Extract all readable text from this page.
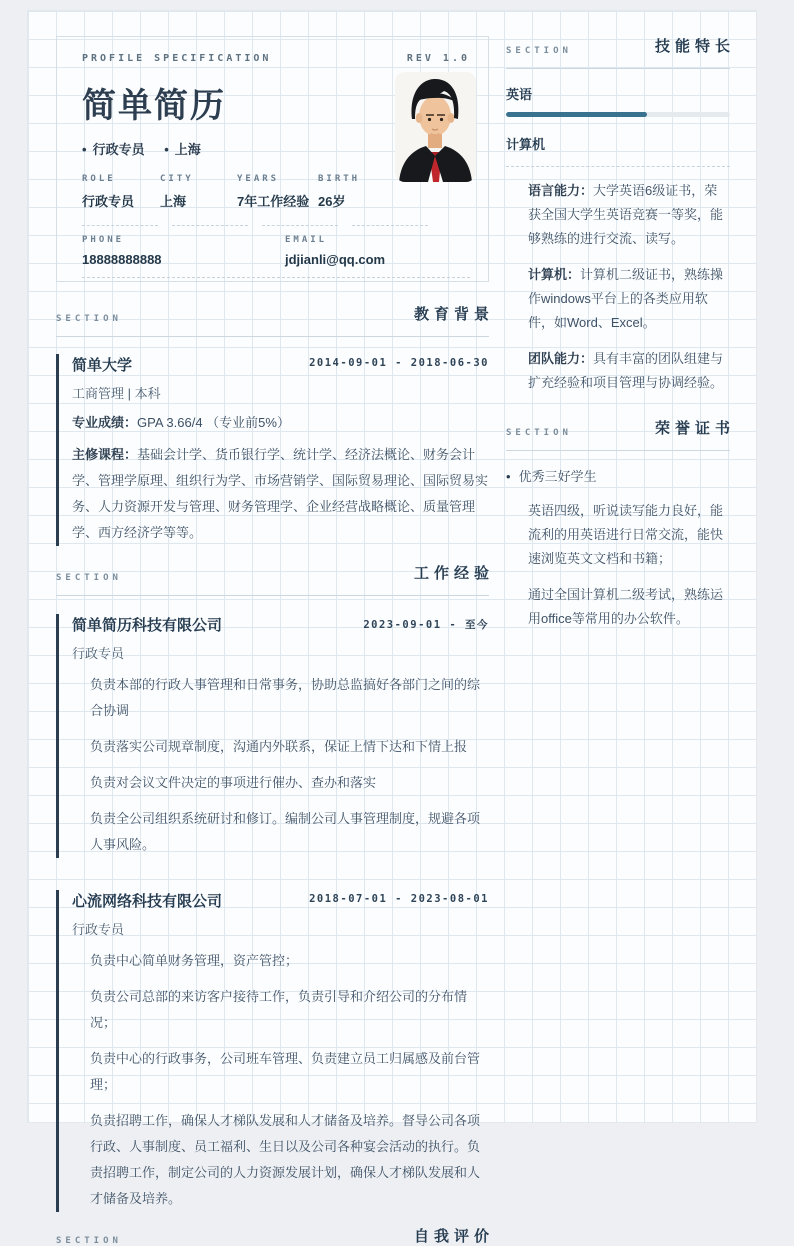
PROFILE SPECIFICATION	REV 1.0
简单简历
• 行政专员 • 上海
ROLE
行政专员
CITY
上海
YEARS
7年工作经验
BIRTH
26岁
PHONE
18888888888
EMAIL
jdjianli@qq.com
SECTION	教育背景
简单大学	2014-09-01 - 2018-06-30
工商管理 | 本科
专业成绩：GPA 3.66/4 （专业前5%）
主修课程：基础会计学、货币银行学、统计学、经济法概论、财务会计学、管理学原理、组织行为学、市场营销学、国际贸易理论、国际贸易实务、人力资源开发与管理、财务管理学、企业经营战略概论、质量管理学、西方经济学等等。
SECTION	工作经验
简单简历科技有限公司	2023-09-01 - 至今
行政专员

负责本部的行政人事管理和日常事务，协助总监搞好各部门之间的综合协调

负责落实公司规章制度，沟通内外联系，保证上情下达和下情上报

负责对会议文件决定的事项进行催办、查办和落实

负责全公司组织系统研讨和修订。编制公司人事管理制度，规避各项人事风险。

心流网络科技有限公司	2018-07-01 - 2023-08-01
行政专员

负责中心简单财务管理，资产管控；

负责公司总部的来访客户接待工作，负责引导和介绍公司的分布情况；

负责中心的行政事务，公司班车管理、负责建立员工归属感及前台管理；

负责招聘工作，确保人才梯队发展和人才储备及培养。督导公司各项行政、人事制度、员工福利、生日以及公司各种宴会活动的执行。负责招聘工作，制定公司的人力资源发展计划，确保人才梯队发展和人才储备及培养。

SECTION	自我评价
SECTION	技能特长
英语
计算机

语言能力：大学英语6级证书，荣获全国大学生英语竞赛一等奖，能够熟练的进行交流、读写。

计算机：计算机二级证书，熟练操作windows平台上的各类应用软件，如Word、Excel。

团队能力：具有丰富的团队组建与扩充经验和项目管理与协调经验。

SECTION	荣誉证书
• 优秀三好学生

英语四级，听说读写能力良好，能流利的用英语进行日常交流，能快速浏览英文文档和书籍；

通过全国计算机二级考试，熟练运用office等常用的办公软件。
